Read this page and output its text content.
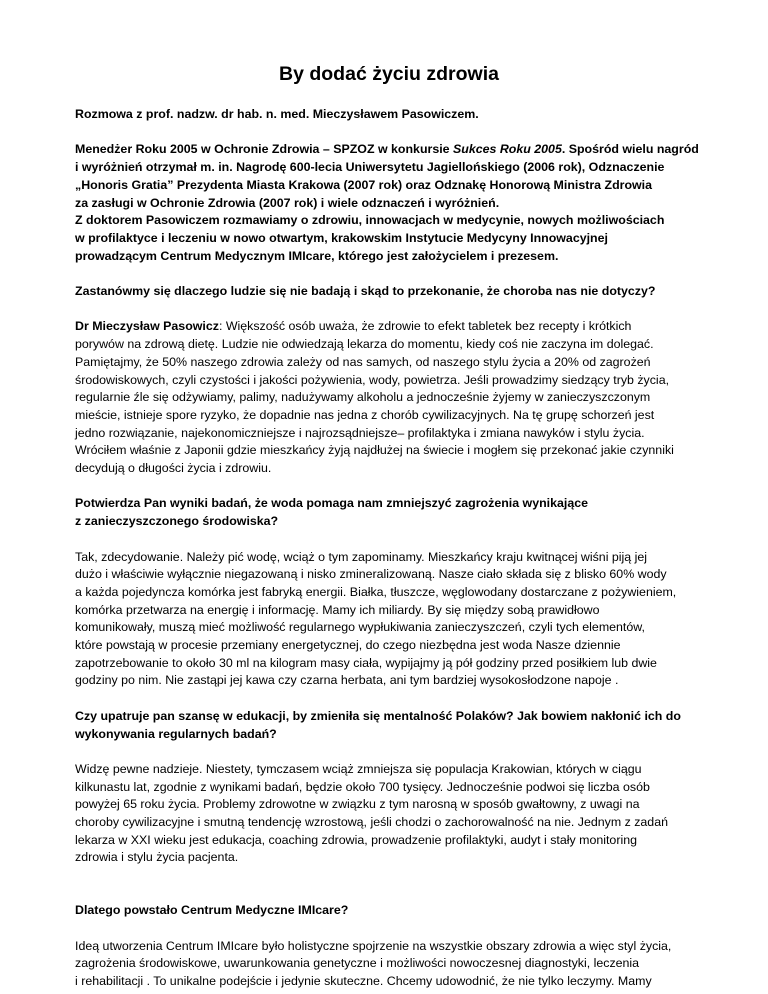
By dodać życiu zdrowia

Rozmowa z prof. nadzw. dr hab. n. med. Mieczysławem Pasowiczem.

Menedżer Roku 2005 w Ochronie Zdrowia – SPZOZ w konkursie Sukces Roku 2005. Spośród wielu nagród

i wyróżnień otrzymał m. in. Nagrodę 600-lecia Uniwersytetu Jagiellońskiego (2006 rok), Odznaczenie

„Honoris Gratia” Prezydenta Miasta Krakowa (2007 rok) oraz Odznakę Honorową Ministra Zdrowia

za zasługi w Ochronie Zdrowia (2007 rok) i wiele odznaczeń i wyróżnień.

Z doktorem Pasowiczem rozmawiamy o zdrowiu, innowacjach w medycynie, nowych możliwościach

w profilaktyce i leczeniu w nowo otwartym, krakowskim Instytucie Medycyny Innowacyjnej

prowadzącym Centrum Medycznym IMIcare, którego jest założycielem i prezesem.

Zastanówmy się dlaczego ludzie się nie badają i skąd to przekonanie, że choroba nas nie dotyczy?

Dr Mieczysław Pasowicz: Większość osób uważa, że zdrowie to efekt tabletek bez recepty i krótkich

porywów na zdrową dietę. Ludzie nie odwiedzają lekarza do momentu, kiedy coś nie zaczyna im dolegać.

Pamiętajmy, że 50% naszego zdrowia zależy od nas samych, od naszego stylu życia a 20% od zagrożeń

środowiskowych, czyli czystości i jakości pożywienia, wody, powietrza. Jeśli prowadzimy siedzący tryb życia,

regularnie źle się odżywiamy, palimy, nadużywamy alkoholu a jednocześnie żyjemy w zanieczyszczonym

mieście, istnieje spore ryzyko, że dopadnie nas jedna z chorób cywilizacyjnych. Na tę grupę schorzeń jest

jedno rozwiązanie, najekonomiczniejsze i najrozsądniejsze– profilaktyka i zmiana nawyków i stylu życia.

Wróciłem właśnie z Japonii gdzie mieszkańcy żyją najdłużej na świecie i mogłem się przekonać jakie czynniki

decydują o długości życia i zdrowiu.

Potwierdza Pan wyniki badań, że woda pomaga nam zmniejszyć zagrożenia wynikające

z zanieczyszczonego środowiska?

Tak, zdecydowanie. Należy pić wodę, wciąż o tym zapominamy. Mieszkańcy kraju kwitnącej wiśni piją jej

dużo i właściwie wyłącznie niegazowaną i nisko zmineralizowaną. Nasze ciało składa się z blisko 60% wody

a każda pojedyncza komórka jest fabryką energii. Białka, tłuszcze, węglowodany dostarczane z pożywieniem,

komórka przetwarza na energię i informację. Mamy ich miliardy. By się między sobą prawidłowo

komunikowały, muszą mieć możliwość regularnego wypłukiwania zanieczyszczeń, czyli tych elementów,

które powstają w procesie przemiany energetycznej, do czego niezbędna jest woda Nasze dziennie

zapotrzebowanie to około 30 ml na kilogram masy ciała, wypijajmy ją pół godziny przed posiłkiem lub dwie

godziny po nim. Nie zastąpi jej kawa czy czarna herbata, ani tym bardziej wysokosłodzone napoje .

Czy upatruje pan szansę w edukacji, by zmieniła się mentalność Polaków? Jak bowiem nakłonić ich do

wykonywania regularnych badań?

Widzę pewne nadzieje. Niestety, tymczasem wciąż zmniejsza się populacja Krakowian, których w ciągu

kilkunastu lat, zgodnie z wynikami badań, będzie około 700 tysięcy. Jednocześnie podwoi się liczba osób

powyżej 65 roku życia. Problemy zdrowotne w związku z tym narosną w sposób gwałtowny, z uwagi na

choroby cywilizacyjne i smutną tendencję wzrostową, jeśli chodzi o zachorowalność na nie. Jednym z zadań

lekarza w XXI wieku jest edukacja, coaching zdrowia, prowadzenie profilaktyki, audyt i stały monitoring

zdrowia i stylu życia pacjenta.

Dlatego powstało Centrum Medyczne IMIcare?

Ideą utworzenia Centrum IMIcare było holistyczne spojrzenie na wszystkie obszary zdrowia a więc styl życia,

zagrożenia środowiskowe, uwarunkowania genetyczne i możliwości nowoczesnej diagnostyki, leczenia

i rehabilitacji . To unikalne podejście i jedynie skuteczne. Chcemy udowodnić, że nie tylko leczymy. Mamy
